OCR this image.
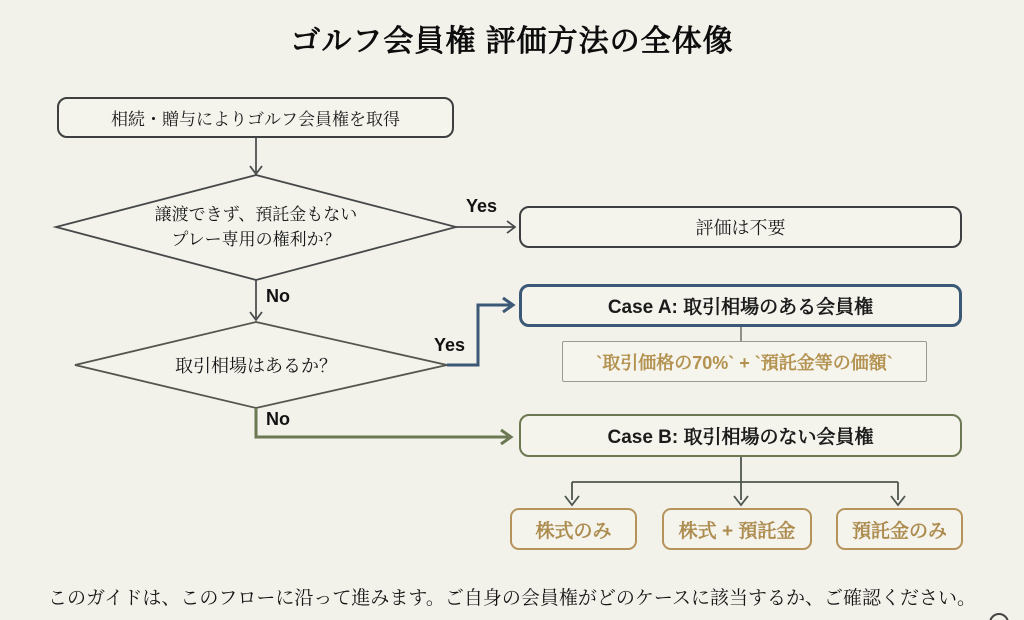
ゴルフ会員権 評価方法の全体像
相続・贈与によりゴルフ会員権を取得
譲渡できず、預託金もない
プレー専用の権利か？
Yes
No
評価は不要
取引相場はあるか？
Yes
No
Case A: 取引相場のある会員権
`取引価格の70%` + `預託金等の価額`
Case B: 取引相場のない会員権
株式のみ	株式 + 預託金	預託金のみ
このガイドは、このフローに沿って進みます。ご自身の会員権がどのケースに該当するか、ご確認ください。
